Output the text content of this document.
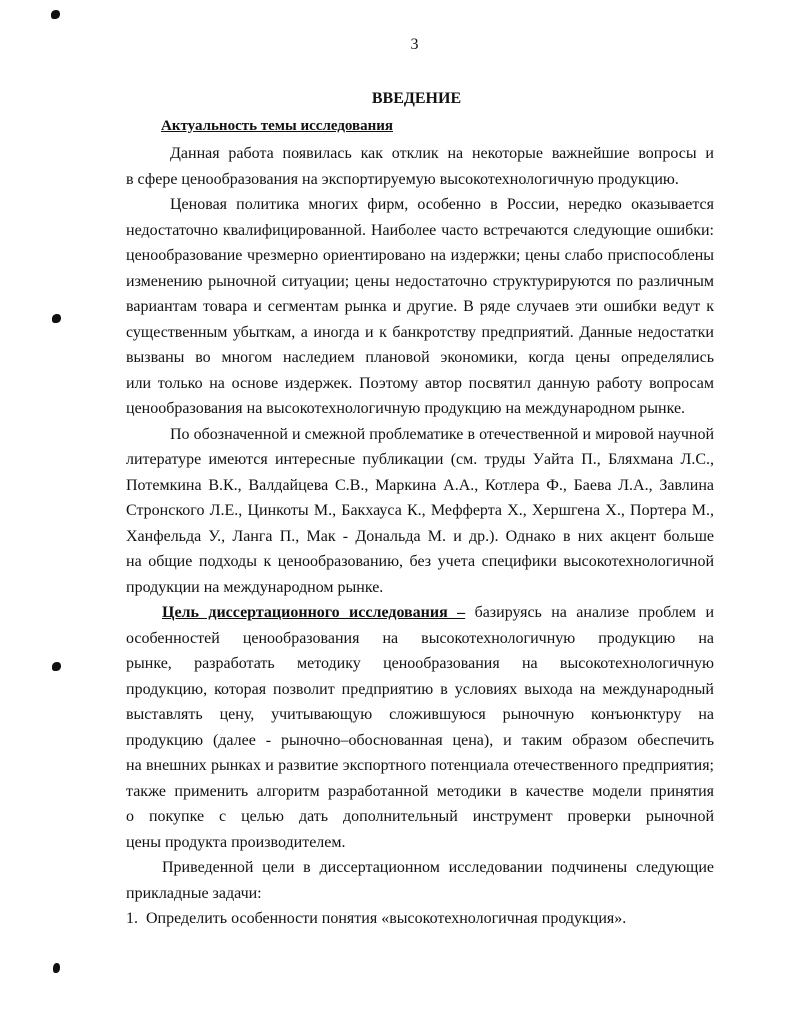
3
ВВЕДЕНИЕ
Актуальность темы исследования
Данная работа появилась как отклик на некоторые важнейшие вопросы и
в сфере ценообразования на экспортируемую высокотехнологичную продукцию.
Ценовая политика многих фирм, особенно в России, нередко оказывается
недостаточно квалифицированной. Наиболее часто встречаются следующие ошибки:
ценообразование чрезмерно ориентировано на издержки; цены слабо приспособлены
изменению рыночной ситуации; цены недостаточно структурируются по различным
вариантам товара и сегментам рынка и другие. В ряде случаев эти ошибки ведут к
существенным убыткам, а иногда и к банкротству предприятий. Данные недостатки
вызваны во многом наследием плановой экономики, когда цены определялись
или только на основе издержек. Поэтому автор посвятил данную работу вопросам
ценообразования на высокотехнологичную продукцию на международном рынке.
По обозначенной и смежной проблематике в отечественной и мировой научной
литературе имеются интересные публикации (см. труды Уайта П., Бляхмана Л.С.,
Потемкина В.К., Валдайцева С.В., Маркина А.А., Котлера Ф., Баева Л.А., Завлина
Стронского Л.Е., Цинкоты М., Бакхауса К., Мефферта Х., Хершгена Х., Портера М.,
Ханфельда У., Ланга П., Мак - Дональда М. и др.). Однако в них акцент больше
на общие подходы к ценообразованию, без учета специфики высокотехнологичной
продукции на международном рынке.
Цель диссертационного исследования – базируясь на анализе проблем и
особенностей ценообразования на высокотехнологичную продукцию на
рынке, разработать методику ценообразования на высокотехнологичную
продукцию, которая позволит предприятию в условиях выхода на международный
выставлять цену, учитывающую сложившуюся рыночную конъюнктуру на
продукцию (далее - рыночно–обоснованная цена), и таким образом обеспечить
на внешних рынках и развитие экспортного потенциала отечественного предприятия;
также применить алгоритм разработанной методики в качестве модели принятия
о покупке с целью дать дополнительный инструмент проверки рыночной
цены продукта производителем.
Приведенной цели в диссертационном исследовании подчинены следующие
прикладные задачи:
1. Определить особенности понятия «высокотехнологичная продукция».
